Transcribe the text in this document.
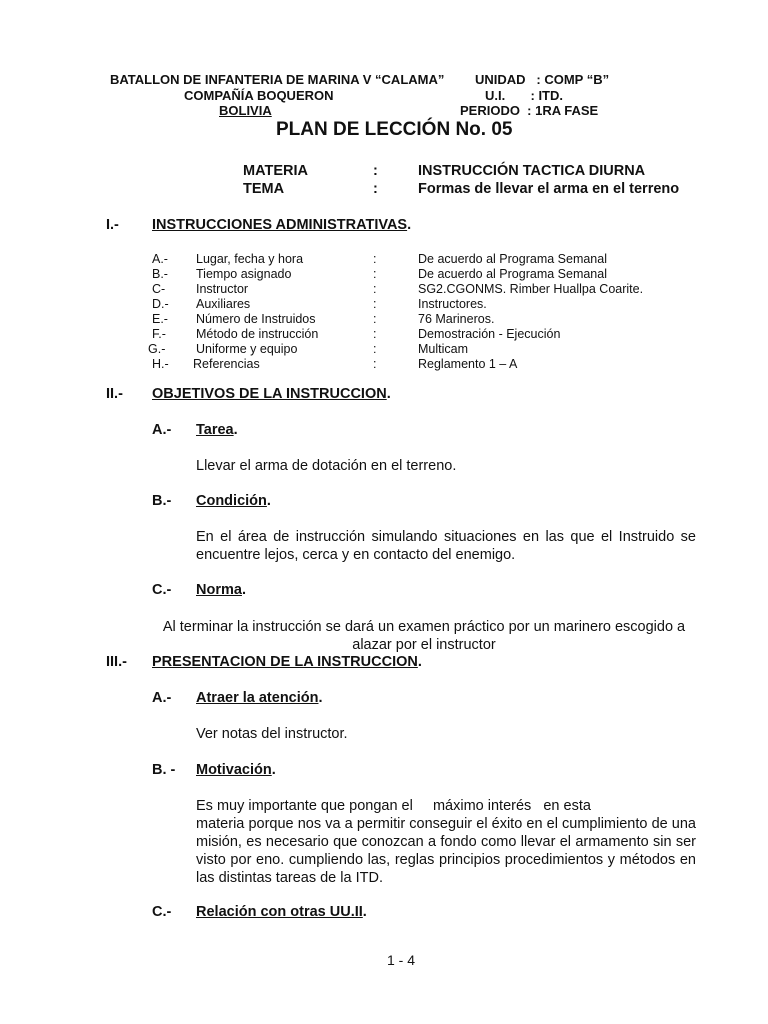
BATALLON DE INFANTERIA DE MARINA V “CALAMA” UNIDAD   : COMP “B”
COMPAÑÍA BOQUERON	U.I.       : ITD.
BOLIVIA	PERIODO  : 1RA FASE
PLAN DE LECCIÓN No. 05
MATERIA	:	INSTRUCCIÓN TACTICA DIURNA
TEMA	:	Formas de llevar el arma en el terreno
I.- INSTRUCCIONES ADMINISTRATIVAS.
A.- Lugar, fecha y hora	:	De acuerdo al Programa Semanal
B.- Tiempo asignado	:	De acuerdo al Programa Semanal
C- Instructor	:	SG2.CGONMS. Rimber Huallpa Coarite.
D.- Auxiliares	:	Instructores.
E.- Número de Instruidos	:	76 Marineros.
F.- Método de instrucción	:	Demostración - Ejecución
G.- Uniforme y equipo	:	Multicam
H.- Referencias	:	Reglamento 1 – A
II.- OBJETIVOS DE LA INSTRUCCION.
A.- Tarea.
Llevar el arma de dotación en el terreno.
B.- Condición.
En el área de instrucción simulando situaciones en las que el Instruido se encuentre lejos, cerca y en contacto del enemigo.
C.- Norma.
Al terminar la instrucción se dará un examen práctico por un marinero escogido a alazar por el instructor
III.- PRESENTACION DE LA INSTRUCCION.
A.- Atraer la atención.
Ver notas del instructor.
B. - Motivación.
Es muy importante que pongan el     máximo interés   en esta
materia porque nos va a permitir conseguir el éxito en el cumplimiento de una misión, es necesario que conozcan a fondo como llevar el armamento sin ser visto por eno. cumpliendo las, reglas principios procedimientos y métodos en las distintas tareas de la ITD.
C.- Relación con otras UU.II.
1 - 4
